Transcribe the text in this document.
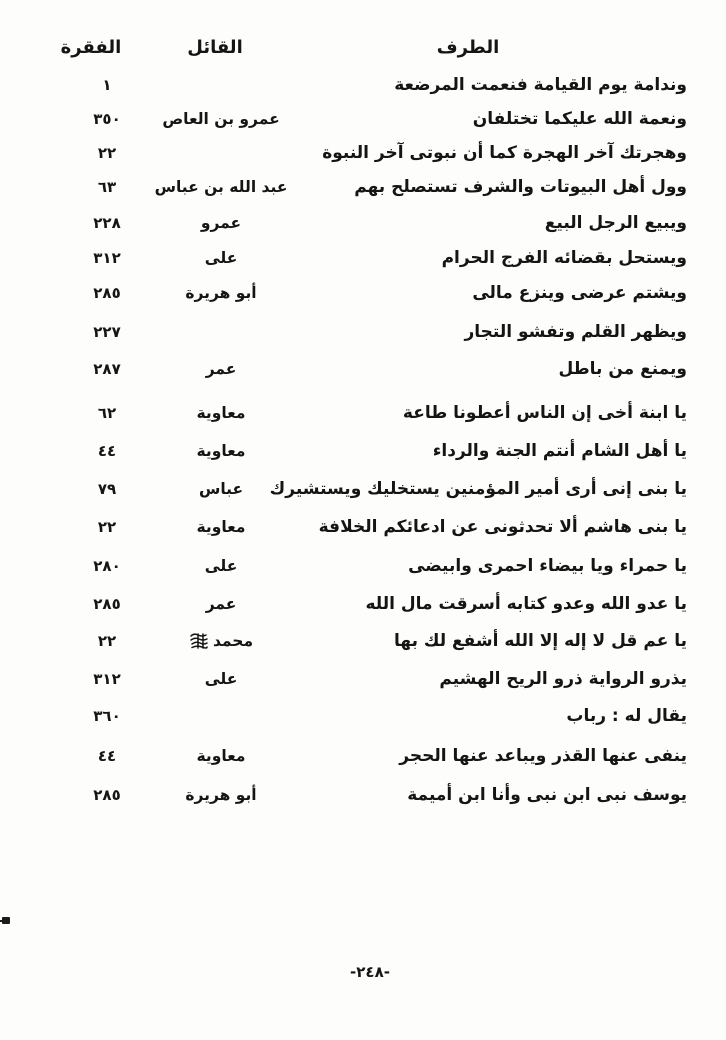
الفقرة	القائل	الطرف
وندامة يوم القيامة فنعمت المرضعة
١
ونعمة الله عليكما تختلفان
عمرو بن العاص
٣٥٠
وهجرتك آخر الهجرة كما أن نبوتى آخر النبوة
٢٢
وول أهل البيوتات والشرف تستصلح بهم
عبد الله بن عباس
٦٣
ويبيع الرجل البيع
عمرو
٢٢٨
ويستحل بقضائه الفرج الحرام
على
٣١٢
ويشتم عرضى وينزع مالى
أبو هريرة
٢٨٥
ويظهر القلم وتفشو التجار
٢٢٧
ويمنع من باطل
عمر
٢٨٧
يا ابنة أخى إن الناس أعطونا طاعة
معاوية
٦٢
يا أهل الشام أنتم الجنة والرداء
معاوية
٤٤
يا بنى إنى أرى أمير المؤمنين يستخليك ويستشيرك
عباس
٧٩
يا بنى هاشم ألا تحدثونى عن ادعائكم الخلافة
معاوية
٢٢
يا حمراء ويا بيضاء احمرى وابيضى
على
٢٨٠
يا عدو الله وعدو كتابه أسرقت مال الله
عمر
٢٨٥
يا عم قل لا إله إلا الله أشفع لك بها
محمد
٢٢
يذرو الرواية ذرو الريح الهشيم
على
٣١٢
يقال له : رباب
٣٦٠
ينفى عنها القذر ويباعد عنها الحجر
معاوية
٤٤
يوسف نبى ابن نبى وأنا ابن أميمة
أبو هريرة
٢٨٥
-٢٤٨-
